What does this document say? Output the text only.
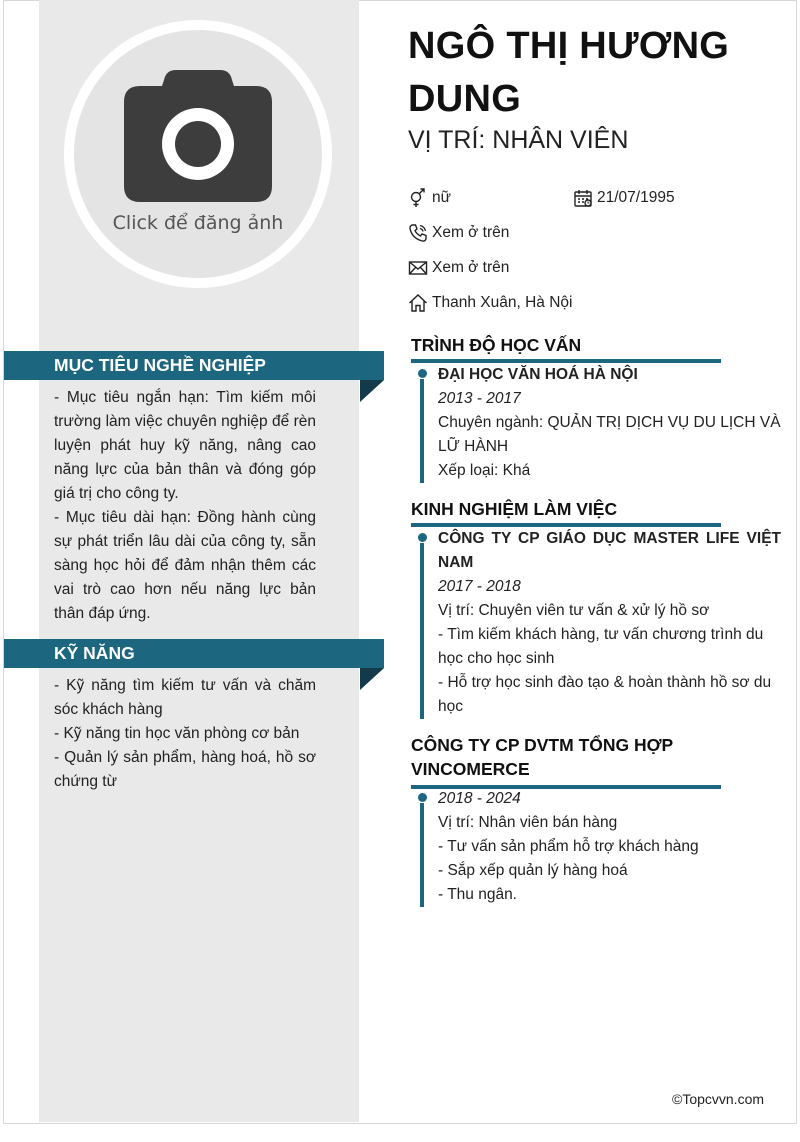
Click để đăng ảnh
MỤC TIÊU NGHỀ NGHIỆP

- Mục tiêu ngắn hạn: Tìm kiếm môi trường làm việc chuyên nghiệp để rèn luyện phát huy kỹ năng, nâng cao năng lực của bản thân và đóng góp giá trị cho công ty.

- Mục tiêu dài hạn: Đồng hành cùng sự phát triển lâu dài của công ty, sẵn sàng học hỏi để đảm nhận thêm các vai trò cao hơn nếu năng lực bản thân đáp ứng.

KỸ NĂNG

- Kỹ năng tìm kiếm tư vấn và chăm sóc khách hàng

- Kỹ năng tin học văn phòng cơ bản

- Quản lý sản phẩm, hàng hoá, hồ sơ chứng từ

NGÔ THỊ HƯƠNG DUNG
VỊ TRÍ: NHÂN VIÊN
nữ	21/07/1995
Xem ở trên
Xem ở trên
Thanh Xuân, Hà Nội
TRÌNH ĐỘ HỌC VẤN
ĐẠI HỌC VĂN HOÁ HÀ NỘI
2013 - 2017
Chuyên ngành: QUẢN TRỊ DỊCH VỤ DU LỊCH VÀ LỮ HÀNH
Xếp loại: Khá
KINH NGHIỆM LÀM VIỆC
CÔNG TY CP GIÁO DỤC MASTER LIFE VIỆT NAM
2017 - 2018
Vị trí: Chuyên viên tư vấn & xử lý hồ sơ
- Tìm kiếm khách hàng, tư vấn chương trình du học cho học sinh
- Hỗ trợ học sinh đào tạo & hoàn thành hồ sơ du học
CÔNG TY CP DVTM TỔNG HỢP VINCOMERCE
2018 - 2024
Vị trí: Nhân viên bán hàng
- Tư vấn sản phẩm hỗ trợ khách hàng
- Sắp xếp quản lý hàng hoá
- Thu ngân.
©Topcvvn.com
